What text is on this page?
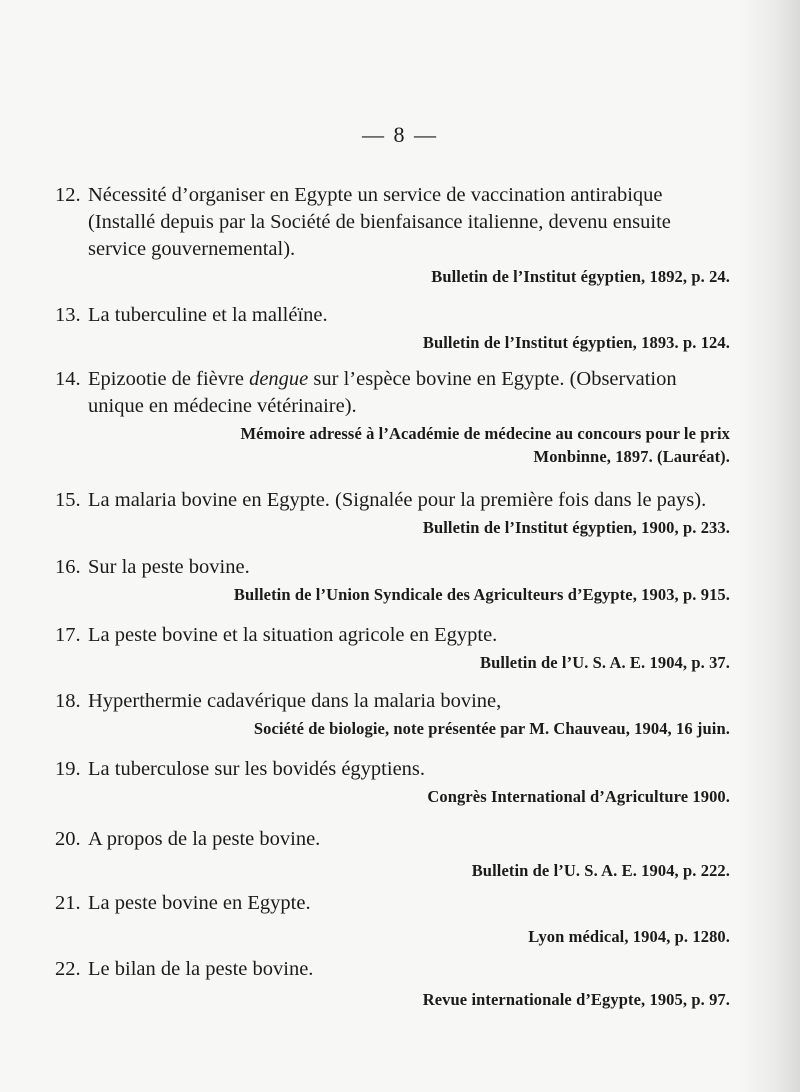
— 8 —

12. Nécessité d’organiser en Egypte un service de vaccination antirabique (Installé depuis par la Société de bienfaisance italienne, devenu ensuite service gouvernemental).

Bulletin de l’Institut égyptien, 1892, p. 24.

13. La tuberculine et la malléïne.

Bulletin de l’Institut égyptien, 1893. p. 124.

14. Epizootie de fièvre dengue sur l’espèce bovine en Egypte. (Observation unique en médecine vétérinaire).

Mémoire adressé à l’Académie de médecine au concours pour le prix

Monbinne, 1897. (Lauréat).

15. La malaria bovine en Egypte. (Signalée pour la première fois dans le pays).

Bulletin de l’Institut égyptien, 1900, p. 233.

16. Sur la peste bovine.

Bulletin de l’Union Syndicale des Agriculteurs d’Egypte, 1903, p. 915.

17. La peste bovine et la situation agricole en Egypte.

Bulletin de l’U. S. A. E. 1904, p. 37.

18. Hyperthermie cadavérique dans la malaria bovine,

Société de biologie, note présentée par M. Chauveau, 1904, 16 juin.

19. La tuberculose sur les bovidés égyptiens.

Congrès International d’Agriculture 1900.

20. A propos de la peste bovine.

Bulletin de l’U. S. A. E. 1904, p. 222.

21. La peste bovine en Egypte.

Lyon médical, 1904, p. 1280.

22. Le bilan de la peste bovine.

Revue internationale d’Egypte, 1905, p. 97.
